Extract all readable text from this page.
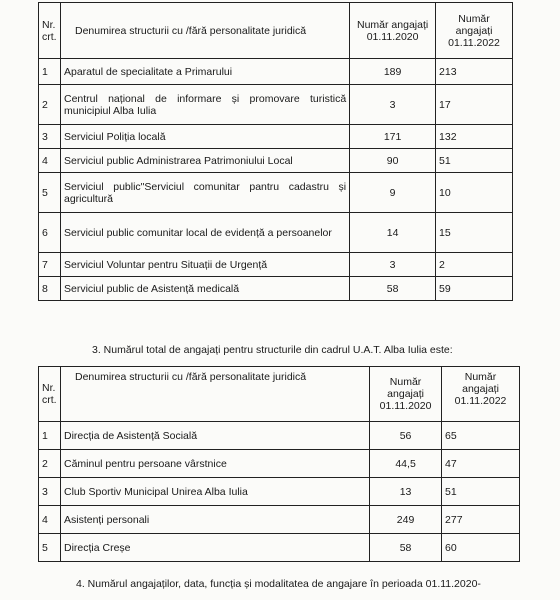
Nr. crt.	Denumirea structurii cu /fără personalitate juridică	Număr angajați 01.11.2020	Număr angajați 01.11.2022
1	Aparatul de specialitate a Primarului	189	213
2	Centrul național de informare și promovare turistică municipiul Alba Iulia	3	17
3	Serviciul Poliția locală	171	132
4	Serviciul public Administrarea Patrimoniului Local	90	51
5	Serviciul public"Serviciul comunitar pantru cadastru și agricultură	9	10
6	Serviciul public comunitar local de evidență a persoanelor	14	15
7	Serviciul Voluntar pentru Situații de Urgență	3	2
8	Serviciul public de Asistență medicală	58	59
3. Numărul total de angajați pentru structurile din cadrul U.A.T. Alba Iulia este:
Nr. crt.	Denumirea structurii cu /fără personalitate juridică	Număr angajați 01.11.2020	Număr angajați 01.11.2022
1	Direcția de Asistență Socială	56	65
2	Căminul pentru persoane vârstnice	44,5	47
3	Club Sportiv Municipal Unirea Alba Iulia	13	51
4	Asistenți personali	249	277
5	Direcția Creșe	58	60
4. Numărul angajaților, data, funcția și modalitatea de angajare în perioada 01.11.2020-
